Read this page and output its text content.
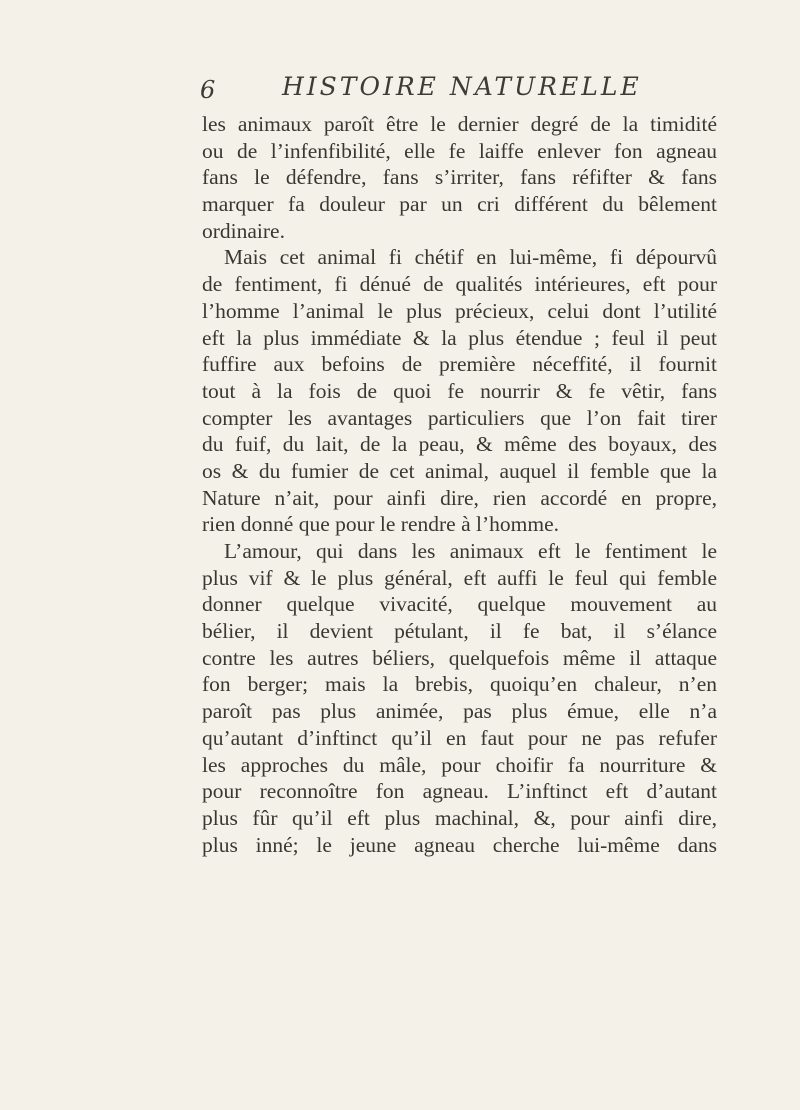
6	HISTOIRE NATURELLE
les animaux paroît être le dernier degré de la timidité
ou de l’infenfibilité, elle fe laiffe enlever fon agneau
fans le défendre, fans s’irriter, fans réfifter & fans
marquer fa douleur par un cri différent du bêlement
ordinaire.
Mais cet animal fi chétif en lui-même, fi dépourvû
de fentiment, fi dénué de qualités intérieures, eft pour
l’homme l’animal le plus précieux, celui dont l’utilité
eft la plus immédiate & la plus étendue ; feul il peut
fuffire aux befoins de première néceffité, il fournit
tout à la fois de quoi fe nourrir & fe vêtir, fans
compter les avantages particuliers que l’on fait tirer
du fuif, du lait, de la peau, & même des boyaux, des
os & du fumier de cet animal, auquel il femble que la
Nature n’ait, pour ainfi dire, rien accordé en propre,
rien donné que pour le rendre à l’homme.
L’amour, qui dans les animaux eft le fentiment le
plus vif & le plus général, eft auffi le feul qui femble
donner quelque vivacité, quelque mouvement au
bélier, il devient pétulant, il fe bat, il s’élance
contre les autres béliers, quelquefois même il attaque
fon berger; mais la brebis, quoiqu’en chaleur, n’en
paroît pas plus animée, pas plus émue, elle n’a
qu’autant d’inftinct qu’il en faut pour ne pas refufer
les approches du mâle, pour choifir fa nourriture &
pour reconnoître fon agneau. L’inftinct eft d’autant
plus fûr qu’il eft plus machinal, &, pour ainfi dire,
plus inné; le jeune agneau cherche lui-même dans
